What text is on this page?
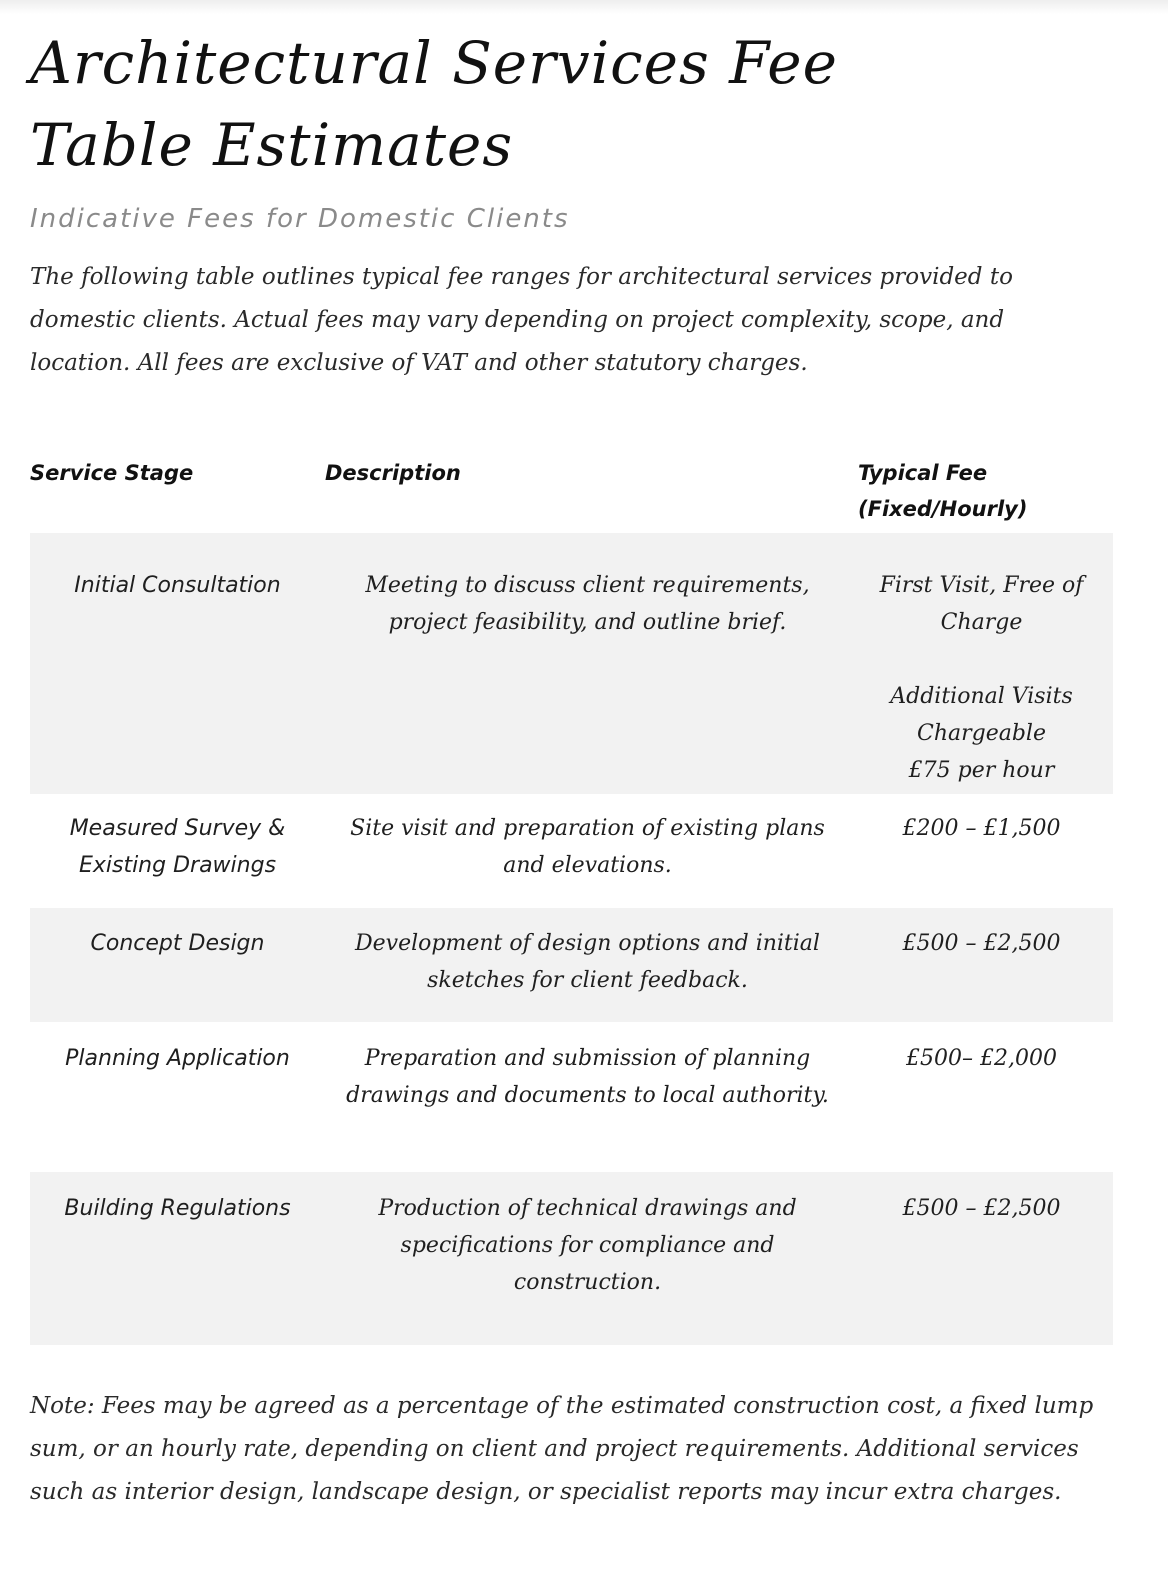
Architectural Services Fee Table Estimates
Indicative Fees for Domestic Clients
The following table outlines typical fee ranges for architectural services provided to domestic clients. Actual fees may vary depending on project complexity, scope, and location. All fees are exclusive of VAT and other statutory charges.
Service Stage	Description	Typical Fee (Fixed/Hourly)
Initial Consultation	Meeting to discuss client requirements, project feasibility, and outline brief.	First Visit, Free of Charge
Additional Visits Chargeable
£75 per hour

Measured Survey & Existing Drawings	Site visit and preparation of existing plans and elevations.	£200 – £1,500
Concept Design	Development of design options and initial sketches for client feedback.	£500 – £2,500
Planning Application	Preparation and submission of planning drawings and documents to local authority.	£500– £2,000
Building Regulations	Production of technical drawings and specifications for compliance and construction.	£500 – £2,500
Note: Fees may be agreed as a percentage of the estimated construction cost, a fixed lump sum, or an hourly rate, depending on client and project requirements. Additional services such as interior design, landscape design, or specialist reports may incur extra charges.
